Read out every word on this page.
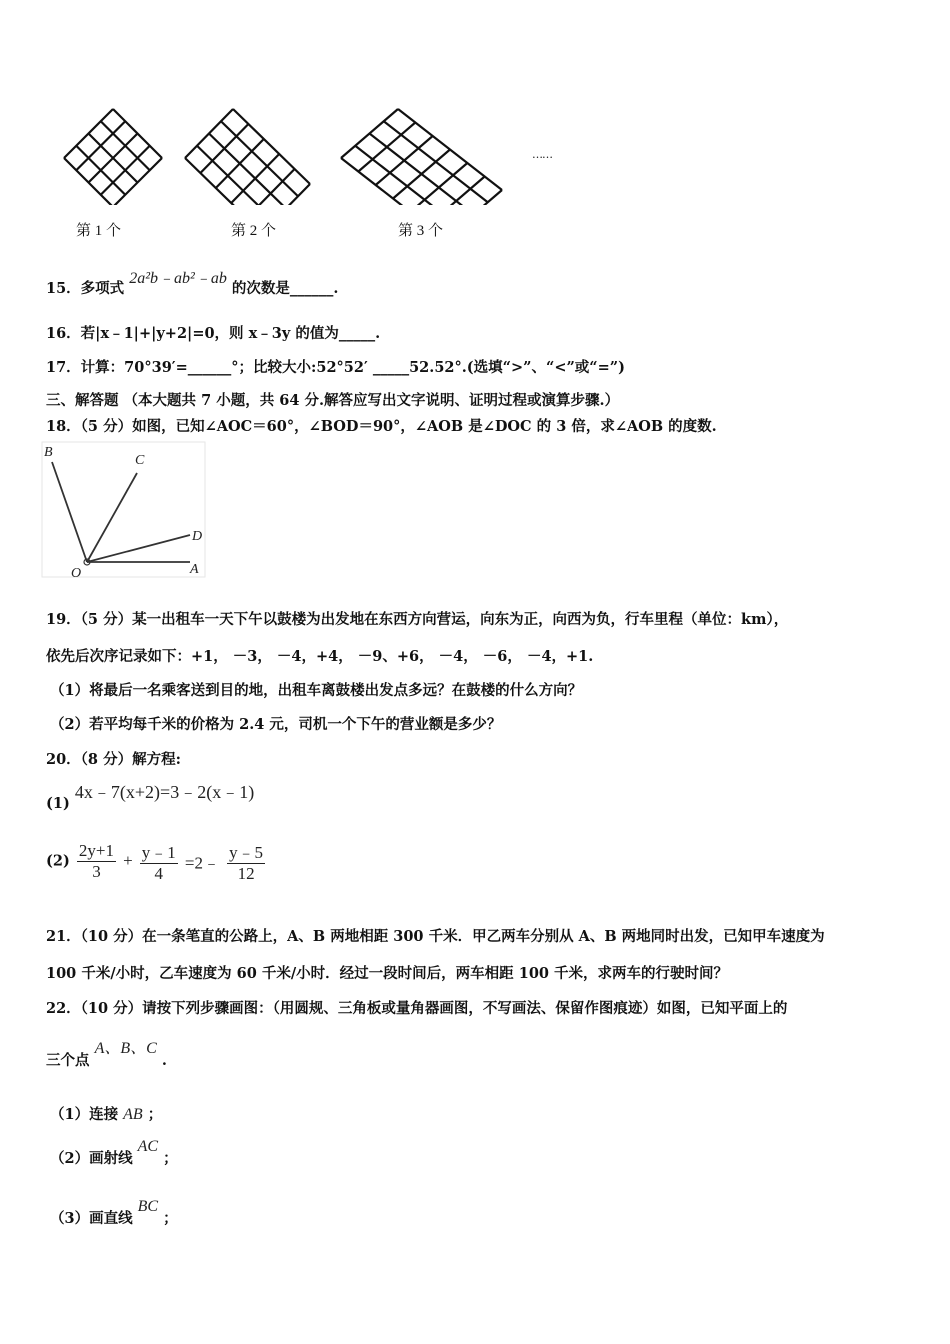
……
第 1 个	第 2 个	第 3 个
15．多项式 2a²b﹣ab²﹣ab 的次数是______.
16．若|x﹣1|+|y+2|=0，则 x﹣3y 的值为_____.
17．计算：70°39′=______°；比较大小:52°52′ _____52.52°.(选填“>”、“<”或“=”)
三、解答题 （本大题共 7 小题，共 64 分.解答应写出文字说明、证明过程或演算步骤.）
18．（5 分）如图，已知∠AOC＝60°，∠BOD＝90°，∠AOB 是∠DOC 的 3 倍，求∠AOB 的度数.
B
C
D
O	A
19．（5 分）某一出租车一天下午以鼓楼为出发地在东西方向营运，向东为正，向西为负，行车里程（单位：km），
依先后次序记录如下：+1， －3， －4，+4， －9、+6， －4， －6， －4，+1.
（1）将最后一名乘客送到目的地，出租车离鼓楼出发点多远？在鼓楼的什么方向？
（2）若平均每千米的价格为 2.4 元，司机一个下午的营业额是多少？
20．（8 分）解方程:
(1) 4x﹣7(x+2)=3﹣2(x﹣1)
$(2) \frac{2y+1}{3} + \frac{y﹣1}{4}$ =2﹣ $\frac{y﹣5}{12}$
21．（10 分）在一条笔直的公路上，A、B 两地相距 300 千米．甲乙两车分别从 A、B 两地同时出发，已知甲车速度为
100 千米/小时，乙车速度为 60 千米/小时．经过一段时间后，两车相距 100 千米，求两车的行驶时间？
22．（10 分）请按下列步骤画图：（用圆规、三角板或量角器画图，不写画法、保留作图痕迹）如图，已知平面上的
三个点 A、B、C .
（1）连接 AB ；
（2）画射线 AC ；
（3）画直线 BC ；
